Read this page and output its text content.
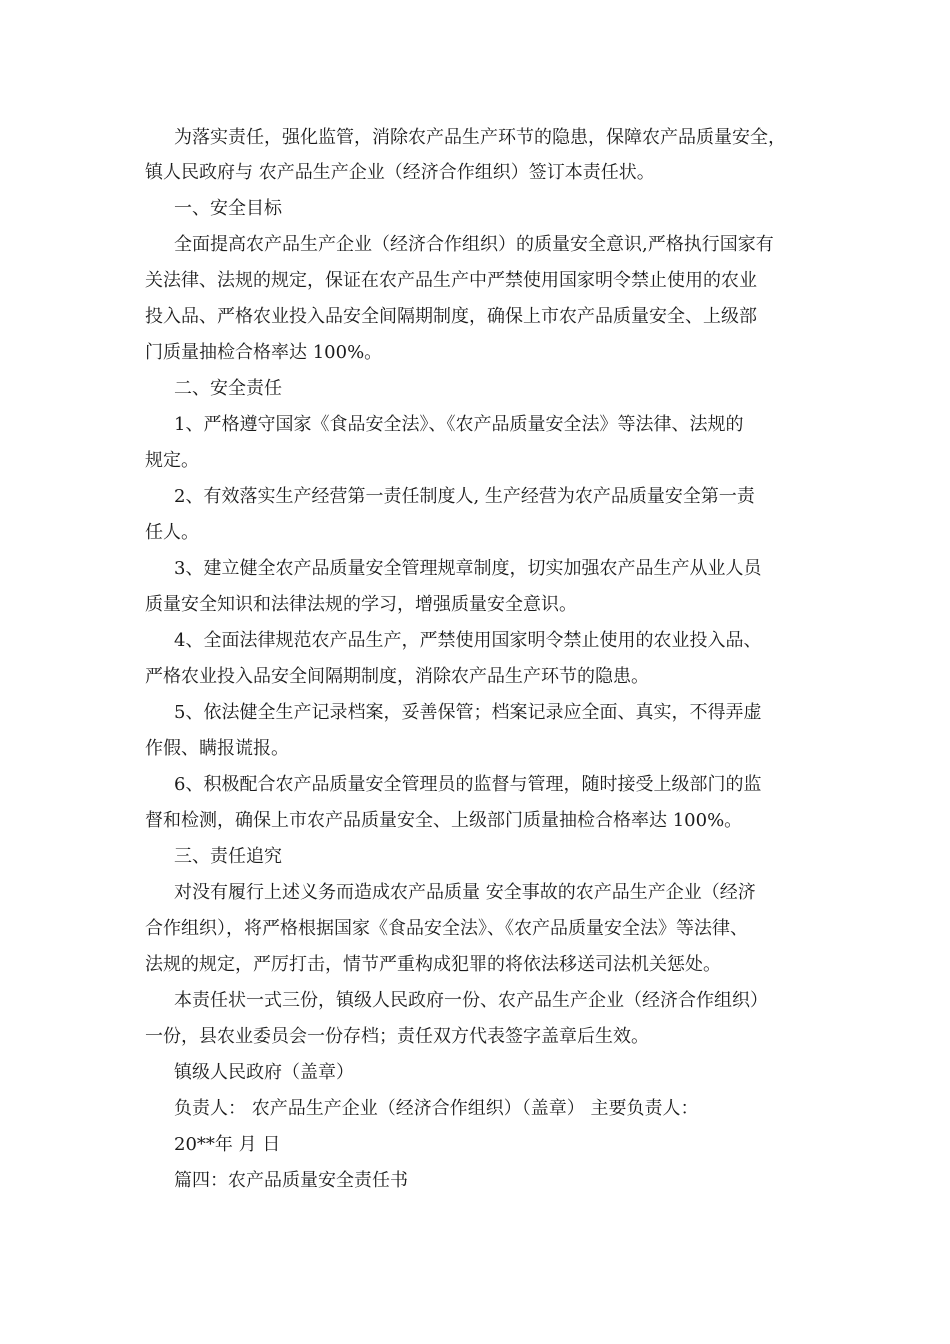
为落实责任，强化监管，消除农产品生产环节的隐患，保障农产品质量安全，
镇人民政府与 农产品生产企业（经济合作组织）签订本责任状。
一、安全目标
全面提高农产品生产企业（经济合作组织）的质量安全意识,严格执行国家有
关法律、法规的规定，保证在农产品生产中严禁使用国家明令禁止使用的农业
投入品、严格农业投入品安全间隔期制度，确保上市农产品质量安全、上级部
门质量抽检合格率达 100%。
二、安全责任
1、严格遵守国家《食品安全法》、《农产品质量安全法》等法律、法规的
规定。
2、有效落实生产经营第一责任制度人, 生产经营为农产品质量安全第一责
任人。
3、建立健全农产品质量安全管理规章制度，切实加强农产品生产从业人员
质量安全知识和法律法规的学习，增强质量安全意识。
4、全面法律规范农产品生产，严禁使用国家明令禁止使用的农业投入品、
严格农业投入品安全间隔期制度，消除农产品生产环节的隐患。
5、依法健全生产记录档案，妥善保管；档案记录应全面、真实，不得弄虚
作假、瞒报谎报。
6、积极配合农产品质量安全管理员的监督与管理，随时接受上级部门的监
督和检测，确保上市农产品质量安全、上级部门质量抽检合格率达 100%。
三、责任追究
对没有履行上述义务而造成农产品质量 安全事故的农产品生产企业（经济
合作组织），将严格根据国家《食品安全法》、《农产品质量安全法》等法律、
法规的规定，严厉打击，情节严重构成犯罪的将依法移送司法机关惩处。
本责任状一式三份，镇级人民政府一份、农产品生产企业（经济合作组织）
一份，县农业委员会一份存档；责任双方代表签字盖章后生效。
镇级人民政府（盖章）
负责人： 农产品生产企业（经济合作组织）（盖章） 主要负责人：
20**年 月 日
篇四：农产品质量安全责任书
